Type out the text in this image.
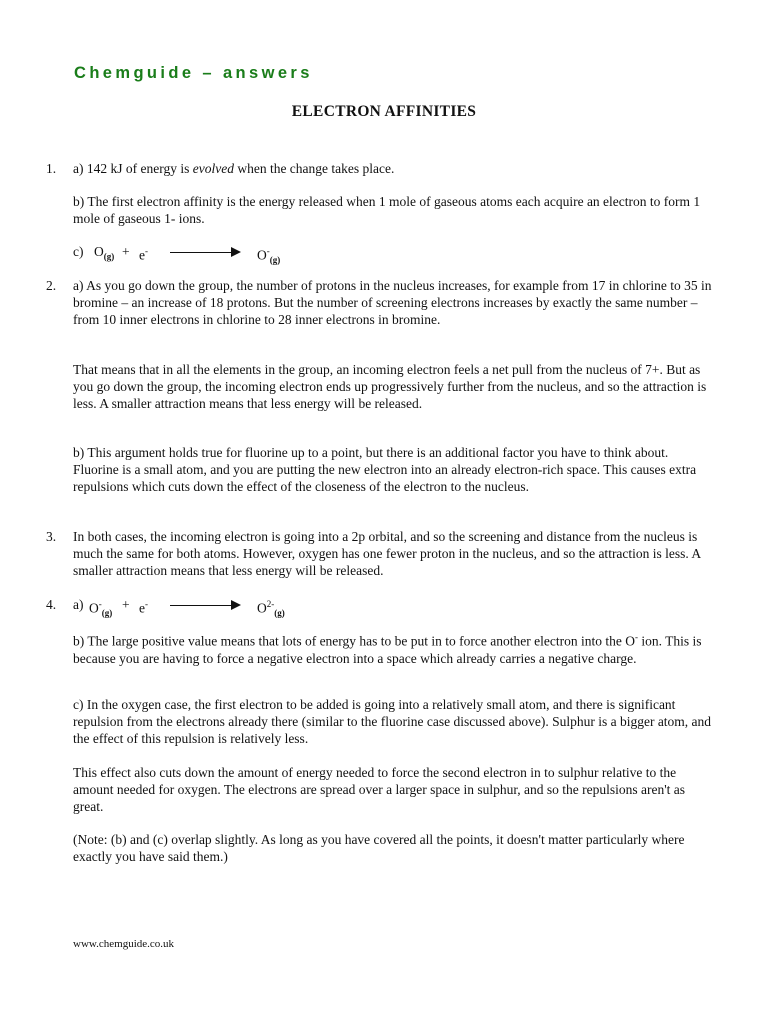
Chemguide – answers
ELECTRON AFFINITIES
1. a) 142 kJ of energy is evolved when the change takes place.
b) The first electron affinity is the energy released when 1 mole of gaseous atoms each acquire an electron to form 1 mole of gaseous 1- ions.
c) $O_{(g)} + e^-$	$O^-_{(g)}$
2. a) As you go down the group, the number of protons in the nucleus increases, for example from 17 in chlorine to 35 in bromine – an increase of 18 protons. But the number of screening electrons increases by exactly the same number – from 10 inner electrons in chlorine to 28 inner electrons in bromine.
That means that in all the elements in the group, an incoming electron feels a net pull from the nucleus of 7+. But as you go down the group, the incoming electron ends up progressively further from the nucleus, and so the attraction is less. A smaller attraction means that less energy will be released.
b) This argument holds true for fluorine up to a point, but there is an additional factor you have to think about. Fluorine is a small atom, and you are putting the new electron into an already electron-rich space. This causes extra repulsions which cuts down the effect of the closeness of the electron to the nucleus.
3. In both cases, the incoming electron is going into a 2p orbital, and so the screening and distance from the nucleus is much the same for both atoms. However, oxygen has one fewer proton in the nucleus, and so the attraction is less. A smaller attraction means that less energy will be released.
4. a) $O^-_{(g)}$
+ e-	$O^{2-}_{(g)}$
b) The large positive value means that lots of energy has to be put in to force another electron into the O- ion. This is because you are having to force a negative electron into a space which already carries a negative charge.
c) In the oxygen case, the first electron to be added is going into a relatively small atom, and there is significant repulsion from the electrons already there (similar to the fluorine case discussed above). Sulphur is a bigger atom, and the effect of this repulsion is relatively less.
This effect also cuts down the amount of energy needed to force the second electron in to sulphur relative to the amount needed for oxygen. The electrons are spread over a larger space in sulphur, and so the repulsions aren't as great.
(Note: (b) and (c) overlap slightly. As long as you have covered all the points, it doesn't matter particularly where exactly you have said them.)
www.chemguide.co.uk
